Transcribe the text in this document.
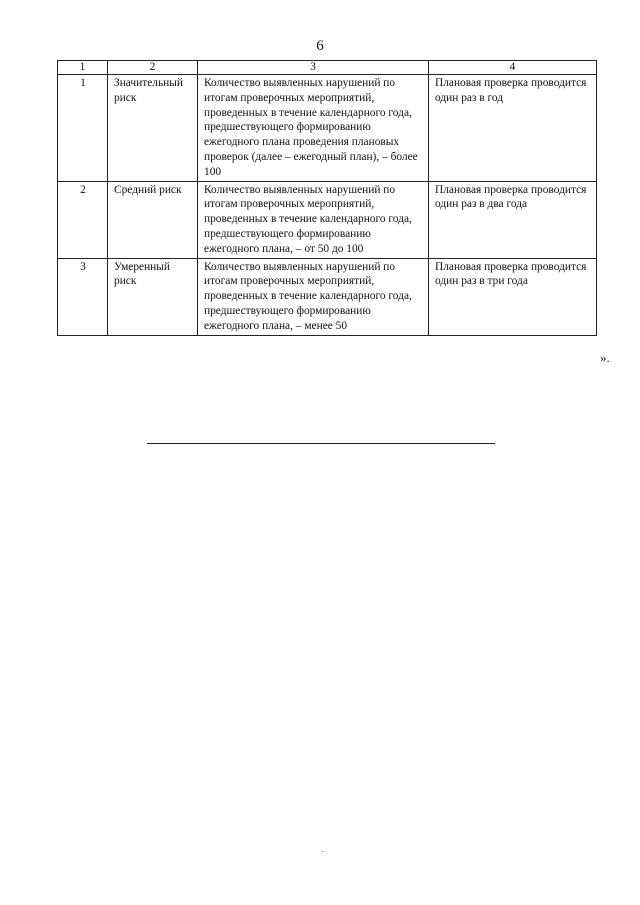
6
1	2	3	4
1	Значительный риск	Количество выявленных нарушений по итогам проверочных мероприятий, проведенных в течение календарного года, предшествующего формированию ежегодного плана проведения плановых проверок (далее – ежегодный план), – более 100	Плановая проверка проводится один раз в год
2	Средний риск	Количество выявленных нарушений по итогам проверочных мероприятий, проведенных в течение календарного года, предшествующего формированию ежегодного плана, – от 50 до 100	Плановая проверка проводится один раз в два года
3	Умеренный риск	Количество выявленных нарушений по итогам проверочных мероприятий, проведенных в течение календарного года, предшествующего формированию ежегодного плана, – менее 50	Плановая проверка проводится один раз в три года
».
